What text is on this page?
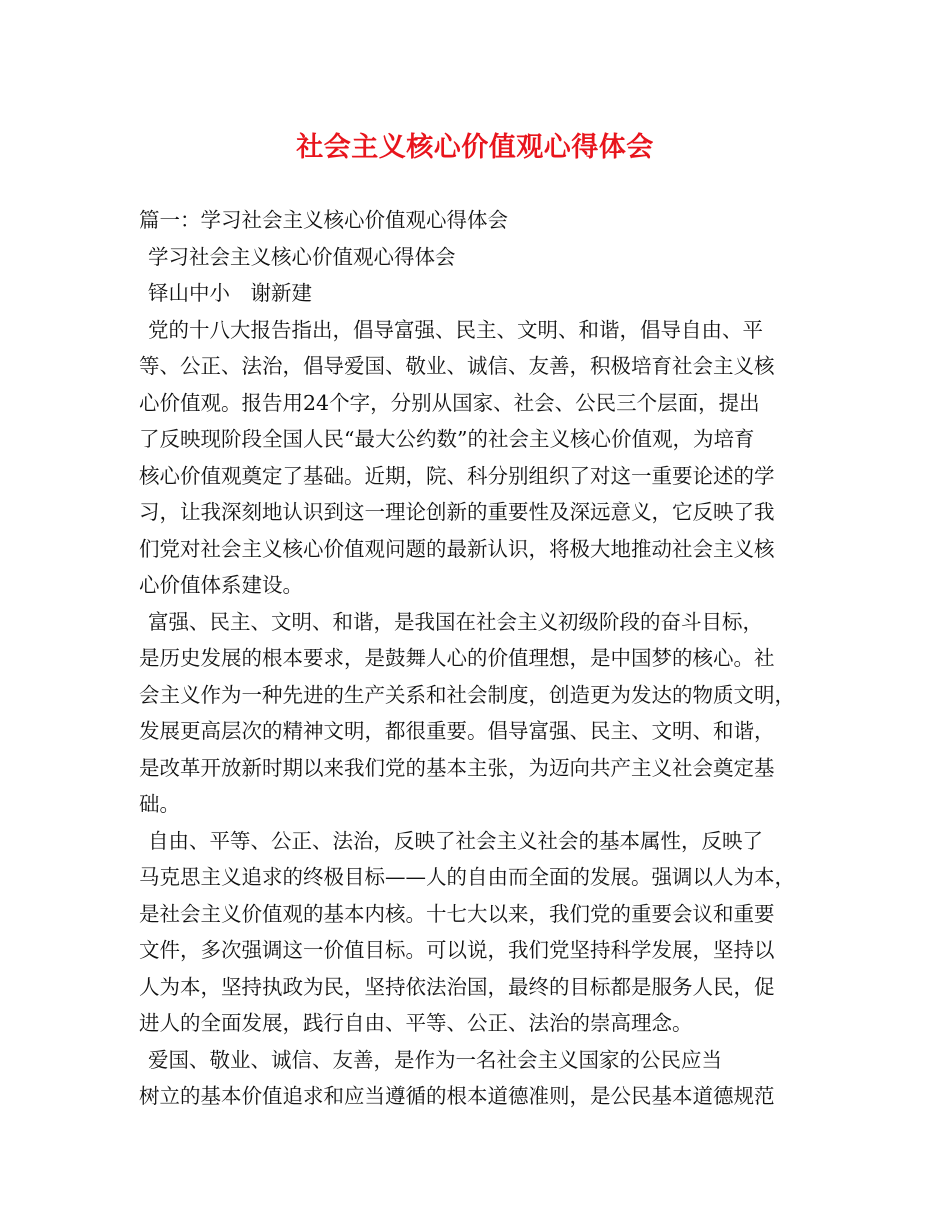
社会主义核心价值观心得体会
篇一：学习社会主义核心价值观心得体会
学习社会主义核心价值观心得体会
铎山中小　谢新建
党的十八大报告指出，倡导富强、民主、文明、和谐，倡导自由、平
等、公正、法治，倡导爱国、敬业、诚信、友善，积极培育社会主义核
心价值观。报告用24个字，分别从国家、社会、公民三个层面，提出
了反映现阶段全国人民“最大公约数”的社会主义核心价值观，为培育
核心价值观奠定了基础。近期，院、科分别组织了对这一重要论述的学
习，让我深刻地认识到这一理论创新的重要性及深远意义，它反映了我
们党对社会主义核心价值观问题的最新认识，将极大地推动社会主义核
心价值体系建设。
富强、民主、文明、和谐，是我国在社会主义初级阶段的奋斗目标，
是历史发展的根本要求，是鼓舞人心的价值理想，是中国梦的核心。社
会主义作为一种先进的生产关系和社会制度，创造更为发达的物质文明，
发展更高层次的精神文明，都很重要。倡导富强、民主、文明、和谐，
是改革开放新时期以来我们党的基本主张，为迈向共产主义社会奠定基
础。
自由、平等、公正、法治，反映了社会主义社会的基本属性，反映了
马克思主义追求的终极目标——人的自由而全面的发展。强调以人为本，
是社会主义价值观的基本内核。十七大以来，我们党的重要会议和重要
文件，多次强调这一价值目标。可以说，我们党坚持科学发展，坚持以
人为本，坚持执政为民，坚持依法治国，最终的目标都是服务人民，促
进人的全面发展，践行自由、平等、公正、法治的崇高理念。
爱国、敬业、诚信、友善，是作为一名社会主义国家的公民应当
树立的基本价值追求和应当遵循的根本道德准则，是公民基本道德规范
